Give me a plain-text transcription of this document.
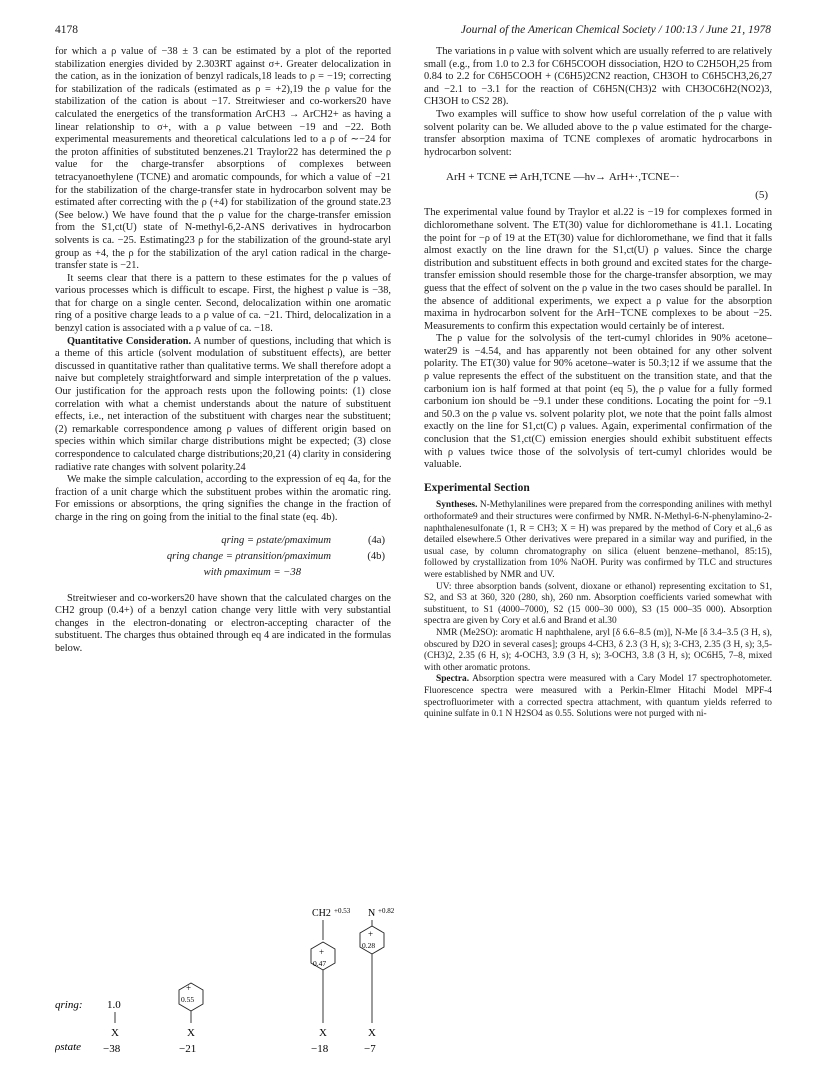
4178	Journal of the American Chemical Society / 100:13 / June 21, 1978

for which a ρ value of −38 ± 3 can be estimated by a plot of the reported stabilization energies divided by 2.303RT against σ+. Greater delocalization in the cation, as in the ionization of benzyl radicals,18 leads to ρ = −19; correcting for stabilization of the radicals (estimated as ρ = +2),19 the ρ value for the stabilization of the cation is about −17. Streitwieser and co-workers20 have calculated the energetics of the transformation ArCH3 → ArCH2+ as having a linear relationship to σ+, with a ρ value between −19 and −22. Both experimental measurements and theoretical calculations led to a ρ of ∼−24 for the proton affinities of substituted benzenes.21 Traylor22 has determined the ρ value for the charge-transfer absorptions of complexes between tetracyanoethylene (TCNE) and aromatic compounds, for which a value of −21 for the stabilization of the charge-transfer state in hydrocarbon solvent may be estimated after correcting with the ρ (+4) for stabilization of the ground state.23 (See below.) We have found that the ρ value for the charge-transfer emission from the S1,ct(U) state of N-methyl-6,2-ANS derivatives in hydrocarbon solvents is ca. −25. Estimating23 ρ for the stabilization of the ground-state aryl group as +4, the ρ for the stabilization of the aryl cation radical in the charge-transfer state is −21.

It seems clear that there is a pattern to these estimates for the ρ values of various processes which is difficult to escape. First, the highest ρ value is −38, that for charge on a single center. Second, delocalization within one aromatic ring of a positive charge leads to a ρ value of ca. −21. Third, delocalization in a benzyl cation is associated with a ρ value of ca. −18.

Quantitative Consideration. A number of questions, including that which is a theme of this article (solvent modulation of substituent effects), are better discussed in quantitative rather than qualitative terms. We shall therefore adopt a naive but completely straightforward and simple interpretation of the ρ values. Our justification for the approach rests upon the following points: (1) close correlation with what a chemist understands about the nature of substituent effects, i.e., net interaction of the substituent with charges near the substituent; (2) remarkable correspondence among ρ values of different origin based on species within which similar charge distributions might be expected; (3) close correspondence to calculated charge distributions;20,21 (4) clarity in considering radiative rate changes with solvent polarity.24

We make the simple calculation, according to the expression of eq 4a, for the fraction of a unit charge which the substituent probes within the aromatic ring. For emissions or absorptions, the qring signifies the change in the fraction of charge in the ring on going from the initial to the final state (eq. 4b).

qring = ρstate/ρmaximum	(4a)
qring change = ρtransition/ρmaximum	(4b)
with ρmaximum = −38

Streitwieser and co-workers20 have shown that the calculated charges on the CH2 group (0.4+) of a benzyl cation change very little with very substantial changes in the electron-donating or electron-accepting character of the substituent. The charges thus obtained through eq 4 are indicated in the formulas below.

qring:
ρstate
1.0
X
−38
+
0.55
X
−21
CH2 +0.53
+
0.47
X
−18
N +0.82
+
0.28
X
−7

The variations in ρ value with solvent which are usually referred to are relatively small (e.g., from 1.0 to 2.3 for C6H5COOH dissociation, H2O to C2H5OH,25 from 0.84 to 2.2 for C6H5COOH + (C6H5)2CN2 reaction, CH3OH to C6H5CH3,26,27 and −2.1 to −3.1 for the reaction of C6H5N(CH3)2 with CH3OC6H2(NO2)3, CH3OH to CS2 28).

Two examples will suffice to show how useful correlation of the ρ value with solvent polarity can be. We alluded above to the ρ value estimated for the charge-transfer absorption maxima of TCNE complexes of aromatic hydrocarbons in hydrocarbon solvent:

ArH + TCNE ⇌ ArH,TCNE —hν→ ArH+·,TCNE−·
(5)

The experimental value found by Traylor et al.22 is −19 for complexes formed in dichloromethane solvent. The ET(30) value for dichloromethane is 41.1. Locating the point for −ρ of 19 at the ET(30) value for dichloromethane, we find that it falls almost exactly on the line drawn for the S1,ct(U) ρ values. Since the charge distribution and substituent effects in both ground and excited states for the charge-transfer emission should resemble those for the charge-transfer absorption, we may guess that the effect of solvent on the ρ value in the two cases should be parallel. In the absence of additional experiments, we expect a ρ value for the absorption maxima in hydrocarbon solvent for the ArH−TCNE complexes to be about −25. Measurements to confirm this expectation would certainly be of interest.

The ρ value for the solvolysis of the tert-cumyl chlorides in 90% acetone–water29 is −4.54, and has apparently not been obtained for any other solvent polarity. The ET(30) value for 90% acetone–water is 50.3;12 if we assume that the ρ value represents the effect of the substituent on the transition state, and that the carbonium ion is half formed at that point (eq 5), the ρ value for a fully formed carbonium ion should be −9.1 under these conditions. Locating the point for −9.1 and 50.3 on the ρ value vs. solvent polarity plot, we note that the point falls almost exactly on the line for S1,ct(C) ρ values. Again, experimental confirmation of the conclusion that the S1,ct(C) emission energies should exhibit substituent effects with ρ values twice those of the solvolysis of tert-cumyl chlorides would be valuable.

Experimental Section

Syntheses. N-Methylanilines were prepared from the corresponding anilines with methyl orthoformate9 and their structures were confirmed by NMR. N-Methyl-6-N-phenylamino-2-naphthalenesulfonate (1, R = CH3; X = H) was prepared by the method of Cory et al.,6 as detailed elsewhere.5 Other derivatives were prepared in a similar way and purified, in the usual case, by column chromatography on silica (eluent benzene–methanol, 85:15), followed by crystallization from 10% NaOH. Purity was confirmed by TLC and structures were established by NMR and UV.

UV: three absorption bands (solvent, dioxane or ethanol) representing excitation to S1, S2, and S3 at 360, 320 (280, sh), 260 nm. Absorption coefficients varied somewhat with substituent, to S1 (4000–7000), S2 (15 000–30 000), S3 (15 000–35 000). Absorption spectra are given by Cory et al.6 and Brand et al.30

NMR (Me2SO): aromatic H naphthalene, aryl [δ 6.6–8.5 (m)], N-Me [δ 3.4–3.5 (3 H, s), obscured by D2O in several cases]; groups 4-CH3, δ 2.3 (3 H, s); 3-CH3, 2.35 (3 H, s); 3,5-(CH3)2, 2.35 (6 H, s); 4-OCH3, 3.9 (3 H, s); 3-OCH3, 3.8 (3 H, s); OC6H5, 7–8, mixed with other aromatic protons.

Spectra. Absorption spectra were measured with a Cary Model 17 spectrophotometer. Fluorescence spectra were measured with a Perkin-Elmer Hitachi Model MPF-4 spectrofluorimeter with a corrected spectra attachment, with quantum yields referred to quinine sulfate in 0.1 N H2SO4 as 0.55. Solutions were not purged with ni-
